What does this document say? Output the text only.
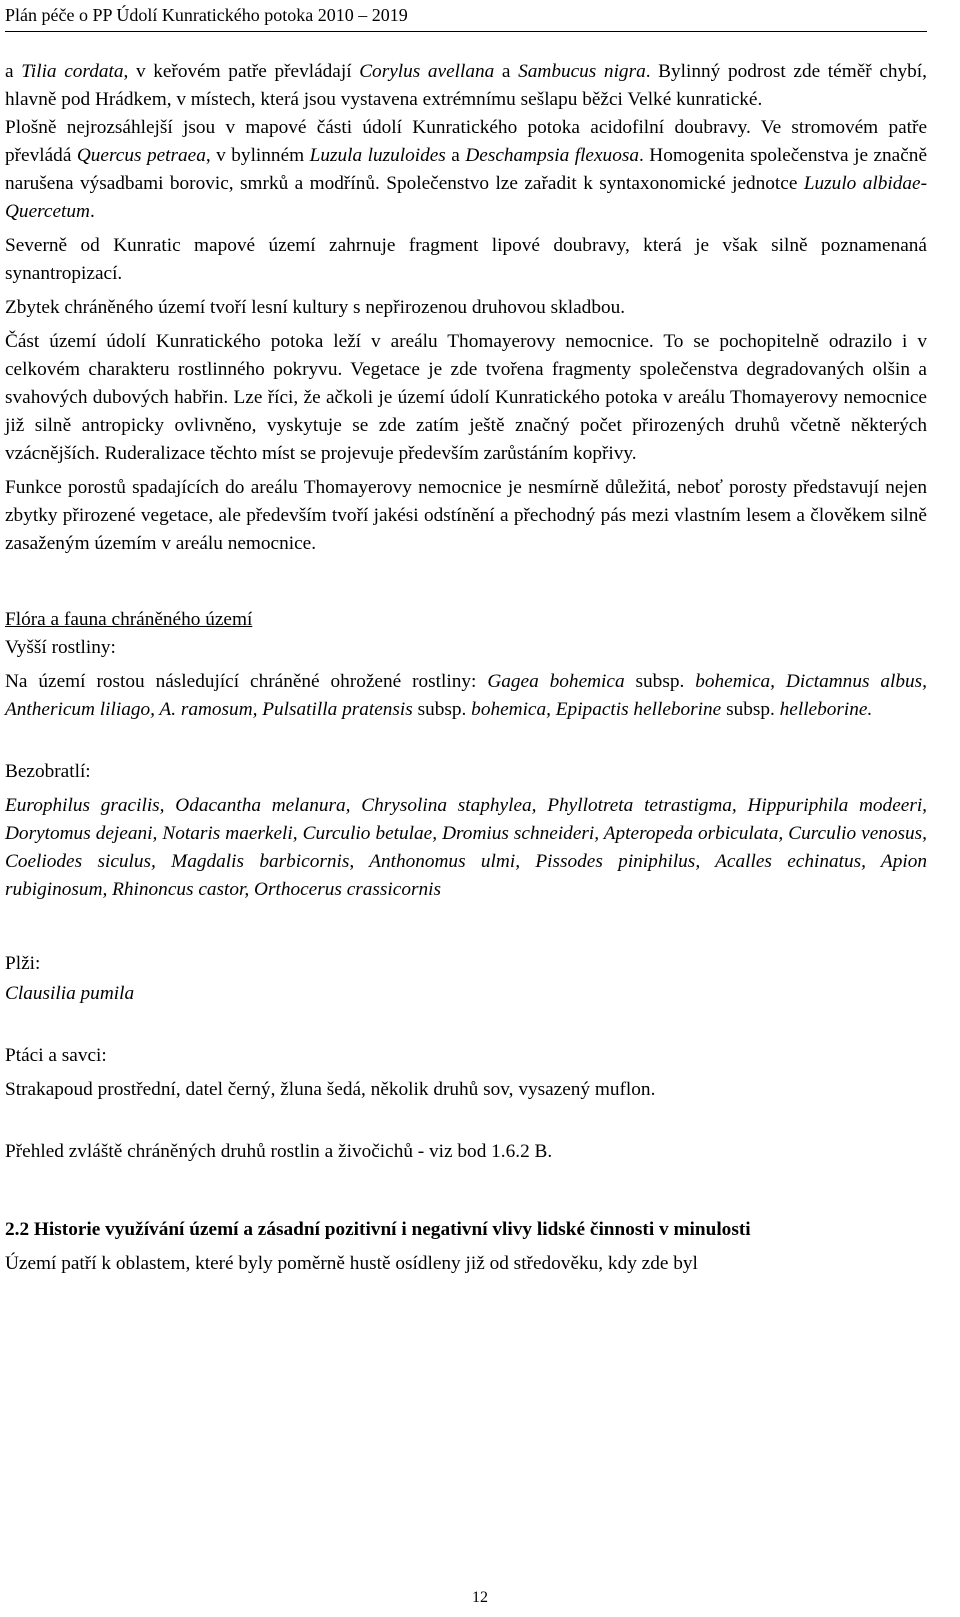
Plán péče o PP Údolí Kunratického potoka 2010 – 2019

a Tilia cordata, v keřovém patře převládají Corylus avellana a Sambucus nigra. Bylinný podrost zde téměř chybí, hlavně pod Hrádkem, v místech, která jsou vystavena extrémnímu sešlapu běžci Velké kunratické.

Plošně nejrozsáhlejší jsou v mapové části údolí Kunratického potoka acidofilní doubravy. Ve stromovém patře převládá Quercus petraea, v bylinném Luzula luzuloides a Deschampsia flexuosa. Homogenita společenstva je značně narušena výsadbami borovic, smrků a modřínů. Společenstvo lze zařadit k syntaxonomické jednotce Luzulo albidae-Quercetum.

Severně od Kunratic mapové území zahrnuje fragment lipové doubravy, která je však silně poznamenaná synantropizací.

Zbytek chráněného území tvoří lesní kultury s nepřirozenou druhovou skladbou.

Část území údolí Kunratického potoka leží v areálu Thomayerovy nemocnice. To se pochopitelně odrazilo i v celkovém charakteru rostlinného pokryvu. Vegetace je zde tvořena fragmenty společenstva degradovaných olšin a svahových dubových habřin. Lze říci, že ačkoli je území údolí Kunratického potoka v areálu Thomayerovy nemocnice již silně antropicky ovlivněno, vyskytuje se zde zatím ještě značný počet přirozených druhů včetně některých vzácnějších. Ruderalizace těchto míst se projevuje především zarůstáním kopřivy.

Funkce porostů spadajících do areálu Thomayerovy nemocnice je nesmírně důležitá, neboť porosty představují nejen zbytky přirozené vegetace, ale především tvoří jakési odstínění a přechodný pás mezi vlastním lesem a člověkem silně zasaženým územím v areálu nemocnice.

Flóra a fauna chráněného území

Vyšší rostliny:

Na území rostou následující chráněné ohrožené rostliny: Gagea bohemica subsp. bohemica, Dictamnus albus, Anthericum liliago, A. ramosum, Pulsatilla pratensis subsp. bohemica, Epipactis helleborine subsp. helleborine.

Bezobratlí:

Europhilus gracilis, Odacantha melanura, Chrysolina staphylea, Phyllotreta tetrastigma, Hippuriphila modeeri, Dorytomus dejeani, Notaris maerkeli, Curculio betulae, Dromius schneideri, Apteropeda orbiculata, Curculio venosus, Coeliodes siculus, Magdalis barbicornis, Anthonomus ulmi, Pissodes piniphilus, Acalles echinatus, Apion rubiginosum, Rhinoncus castor, Orthocerus crassicornis

Plži:

Clausilia pumila

Ptáci a savci:

Strakapoud prostřední, datel černý, žluna šedá, několik druhů sov, vysazený muflon.

Přehled zvláště chráněných druhů rostlin a živočichů - viz bod 1.6.2 B.

2.2 Historie využívání území a zásadní pozitivní i negativní vlivy lidské činnosti v minulosti

Území patří k oblastem, které byly poměrně hustě osídleny již od středověku, kdy zde byl

12
